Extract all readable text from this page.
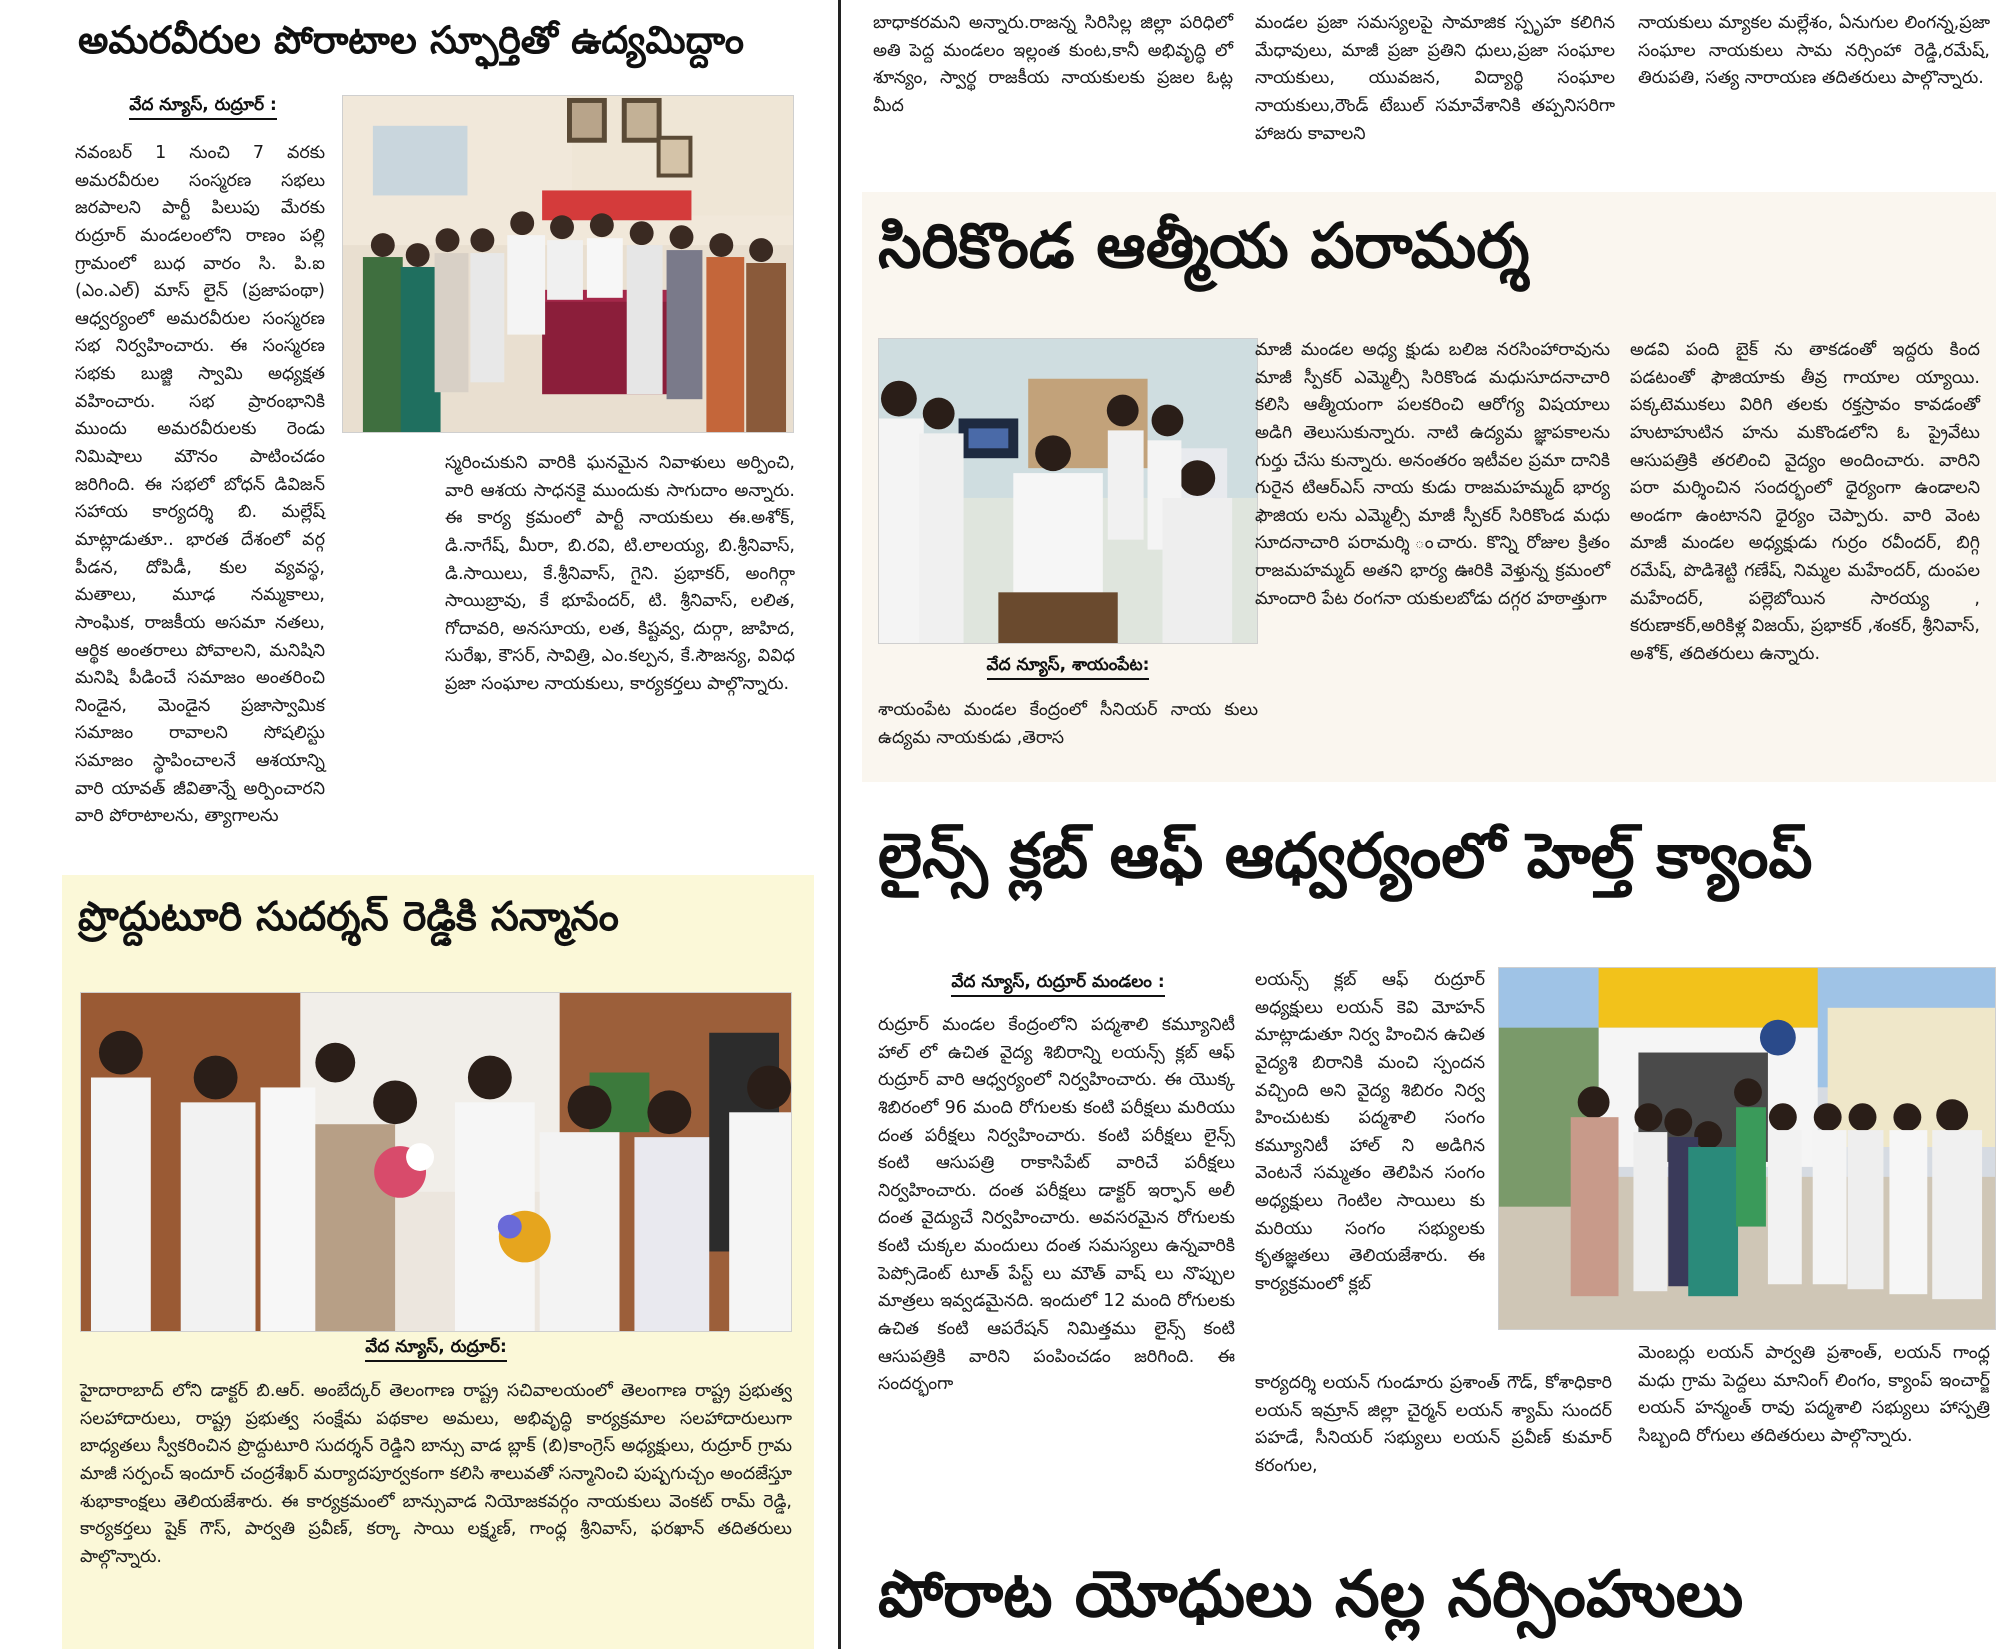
అమరవీరుల పోరాటాల స్ఫూర్తితో ఉద్యమిద్దాం
వేద న్యూస్, రుద్రూర్ :
నవంబర్ 1 నుంచి 7 వరకు అమరవీరుల సంస్మరణ సభలు జరపాలని పార్టీ పిలుపు మేరకు రుద్రూర్ మండలంలోని రాణం పల్లి గ్రామంలో బుధ వారం సి. పి.ఐ (ఎం.ఎల్) మాస్ లైన్ (ప్రజాపంథా) ఆధ్వర్యంలో అమరవీరుల సంస్మరణ సభ నిర్వహించారు. ఈ సంస్మరణ సభకు బుజ్జి స్వామి అధ్యక్షత వహించారు. సభ ప్రారంభానికి ముందు అమరవీరులకు రెండు నిమిషాలు మౌనం పాటించడం జరిగింది. ఈ సభలో బోధన్ డివిజన్ సహాయ కార్యదర్శి బి. మల్లేష్ మాట్లాడుతూ.. భారత దేశంలో వర్గ పీడన, దోపిడీ, కుల వ్యవస్థ, మతాలు, మూఢ నమ్మకాలు, సాంఘిక, రాజకీయ అసమా నతలు, ఆర్థిక అంతరాలు పోవాలని, మనిషిని మనిషి పీడించే సమాజం అంతరించి నిండైన, మెండైన ప్రజాస్వామిక సమాజం రావాలని సోషలిస్టు సమాజం స్థాపించాలనే ఆశయాన్ని వారి యావత్ జీవితాన్నే అర్పించారని వారి పోరాటాలను, త్యాగాలను
స్మరించుకుని వారికి ఘనమైన నివాళులు అర్పించి, వారి ఆశయ సాధనకై ముందుకు సాగుదాం అన్నారు. ఈ కార్య క్రమంలో పార్టీ నాయకులు ఈ.అశోక్, డి.నాగేష్, మీరా, బి.రవి, టి.లాలయ్య, బి.శ్రీనివాస్, డి.సాయిలు, కే.శ్రీనివాస్, గైని. ప్రభాకర్, అంగిర్గా సాయిబ్రావు, కే భూపేందర్, టి. శ్రీనివాస్, లలిత, గోదావరి, అనసూయ, లత, కిష్టవ్వ, దుర్గా, జాహిద, సురేఖ, కౌసర్, సావిత్రి, ఎం.కల్పన, కే.సౌజన్య, వివిధ ప్రజా సంఘాల నాయకులు, కార్యకర్తలు పాల్గొన్నారు.
ప్రొద్దుటూరి సుదర్శన్ రెడ్డికి సన్మానం
వేద న్యూస్, రుద్రూర్:
హైదారాబాద్ లోని డాక్టర్ బి.ఆర్. అంబేద్కర్ తెలంగాణ రాష్ట్ర సచివాలయంలో తెలంగాణ రాష్ట్ర ప్రభుత్వ సలహాదారులు, రాష్ట్ర ప్రభుత్వ సంక్షేమ పథకాల అమలు, అభివృద్ధి కార్యక్రమాల సలహాదారులుగా బాధ్యతలు స్వీకరించిన ప్రొద్దుటూరి సుదర్శన్ రెడ్డిని బాన్సు వాడ బ్లాక్ (బి)కాంగ్రెస్ అధ్యక్షులు, రుద్రూర్ గ్రామ మాజీ సర్పంచ్ ఇందూర్ చంద్రశేఖర్ మర్యాదపూర్వకంగా కలిసి శాలువతో సన్మానించి పుష్పగుచ్చం అందజేస్తూ శుభాకాంక్షలు తెలియజేశారు. ఈ కార్యక్రమంలో బాన్సువాడ నియోజకవర్గం నాయకులు వెంకట్ రామ్ రెడ్డి, కార్యకర్తలు షైక్ గౌస్, పార్వతి ప్రవీణ్, కర్కా సాయి లక్ష్మణ్, గాంధ్ల శ్రీనివాస్, ఫరఖాన్ తదితరులు పాల్గొన్నారు.
బాధాకరమని అన్నారు.రాజన్న సిరిసిల్ల జిల్లా పరిధిలో అతి పెద్ద మండలం ఇల్లంత కుంట,కానీ అభివృద్ధి లో శూన్యం, స్వార్థ రాజకీయ నాయకులకు ప్రజల ఓట్ల మీద
మండల ప్రజా సమస్యలపై సామాజిక స్పృహ కలిగిన మేధావులు, మాజీ ప్రజా ప్రతిని ధులు,ప్రజా సంఘాల నాయకులు, యువజన, విద్యార్థి సంఘాల నాయకులు,రౌండ్ టేబుల్ సమావేశానికి తప్పనిసరిగా హాజరు కావాలని
నాయకులు మ్యాకల మల్లేశం, ఏనుగుల లింగన్న,ప్రజా సంఘాల నాయకులు సామ నర్సింహా రెడ్డి,రమేష్, తిరుపతి, సత్య నారాయణ తదితరులు పాల్గొన్నారు.
సిరికొండ ఆత్మీయ పరామర్శ
వేద న్యూస్, శాయంపేట:
శాయంపేట మండల కేంద్రంలో సీనియర్ నాయ కులు ఉద్యమ నాయకుడు ,తెరాస
మాజీ మండల అధ్య క్షుడు బలిజ నరసింహారావును మాజీ స్పీకర్ ఎమ్మెల్సీ సిరికొండ మధుసూదనాచారి కలిసి ఆత్మీయంగా పలకరించి ఆరోగ్య విషయాలు అడిగి తెలుసుకున్నారు. నాటి ఉద్యమ జ్ఞాపకాలను గుర్తు చేసు కున్నారు. అనంతరం ఇటీవల ప్రమా దానికి గురైన టిఆర్ఎస్ నాయ కుడు రాజమహమ్మద్ భార్య ఫౌజియ లను ఎమ్మెల్సీ మాజీ స్పీకర్ సిరికొండ మధు సూదనాచారి పరామర్శి ంచారు. కొన్ని రోజుల క్రితం రాజమహమ్మద్ అతని భార్య ఊరికి వెళ్తున్న క్రమంలో మాందారి పేట రంగనా యకులబోడు దగ్గర హఠాత్తుగా
అడవి పంది బైక్ ను తాకడంతో ఇద్దరు కింద పడటంతో ఫౌజియాకు తీవ్ర గాయాల య్యాయి. పక్కటెముకలు విరిగి తలకు రక్తస్రావం కావడంతో హుటాహుటిన హను మకొండలోని ఓ ప్రైవేటు ఆసుపత్రికి తరలించి వైద్యం అందించారు. వారిని పరా మర్శించిన సందర్భంలో ధైర్యంగా ఉండాలని అండగా ఉంటానని ధైర్యం చెప్పారు. వారి వెంట మాజీ మండల అధ్యక్షుడు గుర్రం రవీందర్, బిగ్గి రమేష్, పొడిశెట్టి గణేష్, నిమ్మల మహేందర్, దుంపల మహేందర్, పల్లెబోయిన సారయ్య , కరుణాకర్,అరికిళ్ల విజయ్, ప్రభాకర్ ,శంకర్, శ్రీనివాస్, అశోక్, తదితరులు ఉన్నారు.
లైన్స్ క్లబ్ ఆఫ్ ఆధ్వర్యంలో హెల్త్ క్యాంప్
వేద న్యూస్, రుద్రూర్ మండలం :
రుద్రూర్ మండల కేంద్రంలోని పద్మశాలి కమ్యూనిటీ హాల్ లో ఉచిత వైద్య శిబిరాన్ని లయన్స్ క్లబ్ ఆఫ్ రుద్రూర్ వారి ఆధ్వర్యంలో నిర్వహించారు. ఈ యొక్క శిబిరంలో 96 మంది రోగులకు కంటి పరీక్షలు మరియు దంత పరీక్షలు నిర్వహించారు. కంటి పరీక్షలు లైన్స్ కంటి ఆసుపత్రి రాకాసిపేట్ వారిచే పరీక్షలు నిర్వహించారు. దంత పరీక్షలు డాక్టర్ ఇర్ఫాన్ అలీ దంత వైద్యుచే నిర్వహించారు. అవసరమైన రోగులకు కంటి చుక్కల మందులు దంత సమస్యలు ఉన్నవారికి పెప్సోడెంట్ టూత్ పేస్ట్ లు మౌత్ వాష్ లు నొప్పుల మాత్రలు ఇవ్వడమైనది. ఇందులో 12 మంది రోగులకు ఉచిత కంటి ఆపరేషన్ నిమిత్తము లైన్స్ కంటి ఆసుపత్రికి వారిని పంపించడం జరిగింది. ఈ సందర్భంగా
లయన్స్ క్లబ్ ఆఫ్ రుద్రూర్ అధ్యక్షులు లయన్ కెవి మోహన్ మాట్లాడుతూ నిర్వ హించిన ఉచిత వైద్యశి బిరానికి మంచి స్పందన వచ్చింది అని వైద్య శిబిరం నిర్వ హించుటకు పద్మశాలి సంగం కమ్యూనిటీ హాల్ ని అడిగిన వెంటనే సమ్మతం తెలిపిన సంగం అధ్యక్షులు గెంటిల సాయిలు కు మరియు సంగం సభ్యులకు కృతజ్ఞతలు తెలియజేశారు. ఈ కార్యక్రమంలో క్లబ్
కార్యదర్శి లయన్ గుండూరు ప్రశాంత్ గౌడ్, కోశాధికారి లయన్ ఇమ్రాన్ జిల్లా చైర్మన్ లయన్ శ్యామ్ సుందర్ పహడే, సీనియర్ సభ్యులు లయన్ ప్రవీణ్ కుమార్ కరంగుల,
మెంబర్లు లయన్ పార్వతి ప్రశాంత్, లయన్ గాంధ్ల మధు గ్రామ పెద్దలు మానింగ్ లింగం, క్యాంప్ ఇంచార్జ్ లయన్ హన్మంత్ రావు పద్మశాలి సభ్యులు హాస్పత్రి సిబ్బంది రోగులు తదితరులు పాల్గొన్నారు.
పోరాట యోధులు నల్ల నర్సింహులు
